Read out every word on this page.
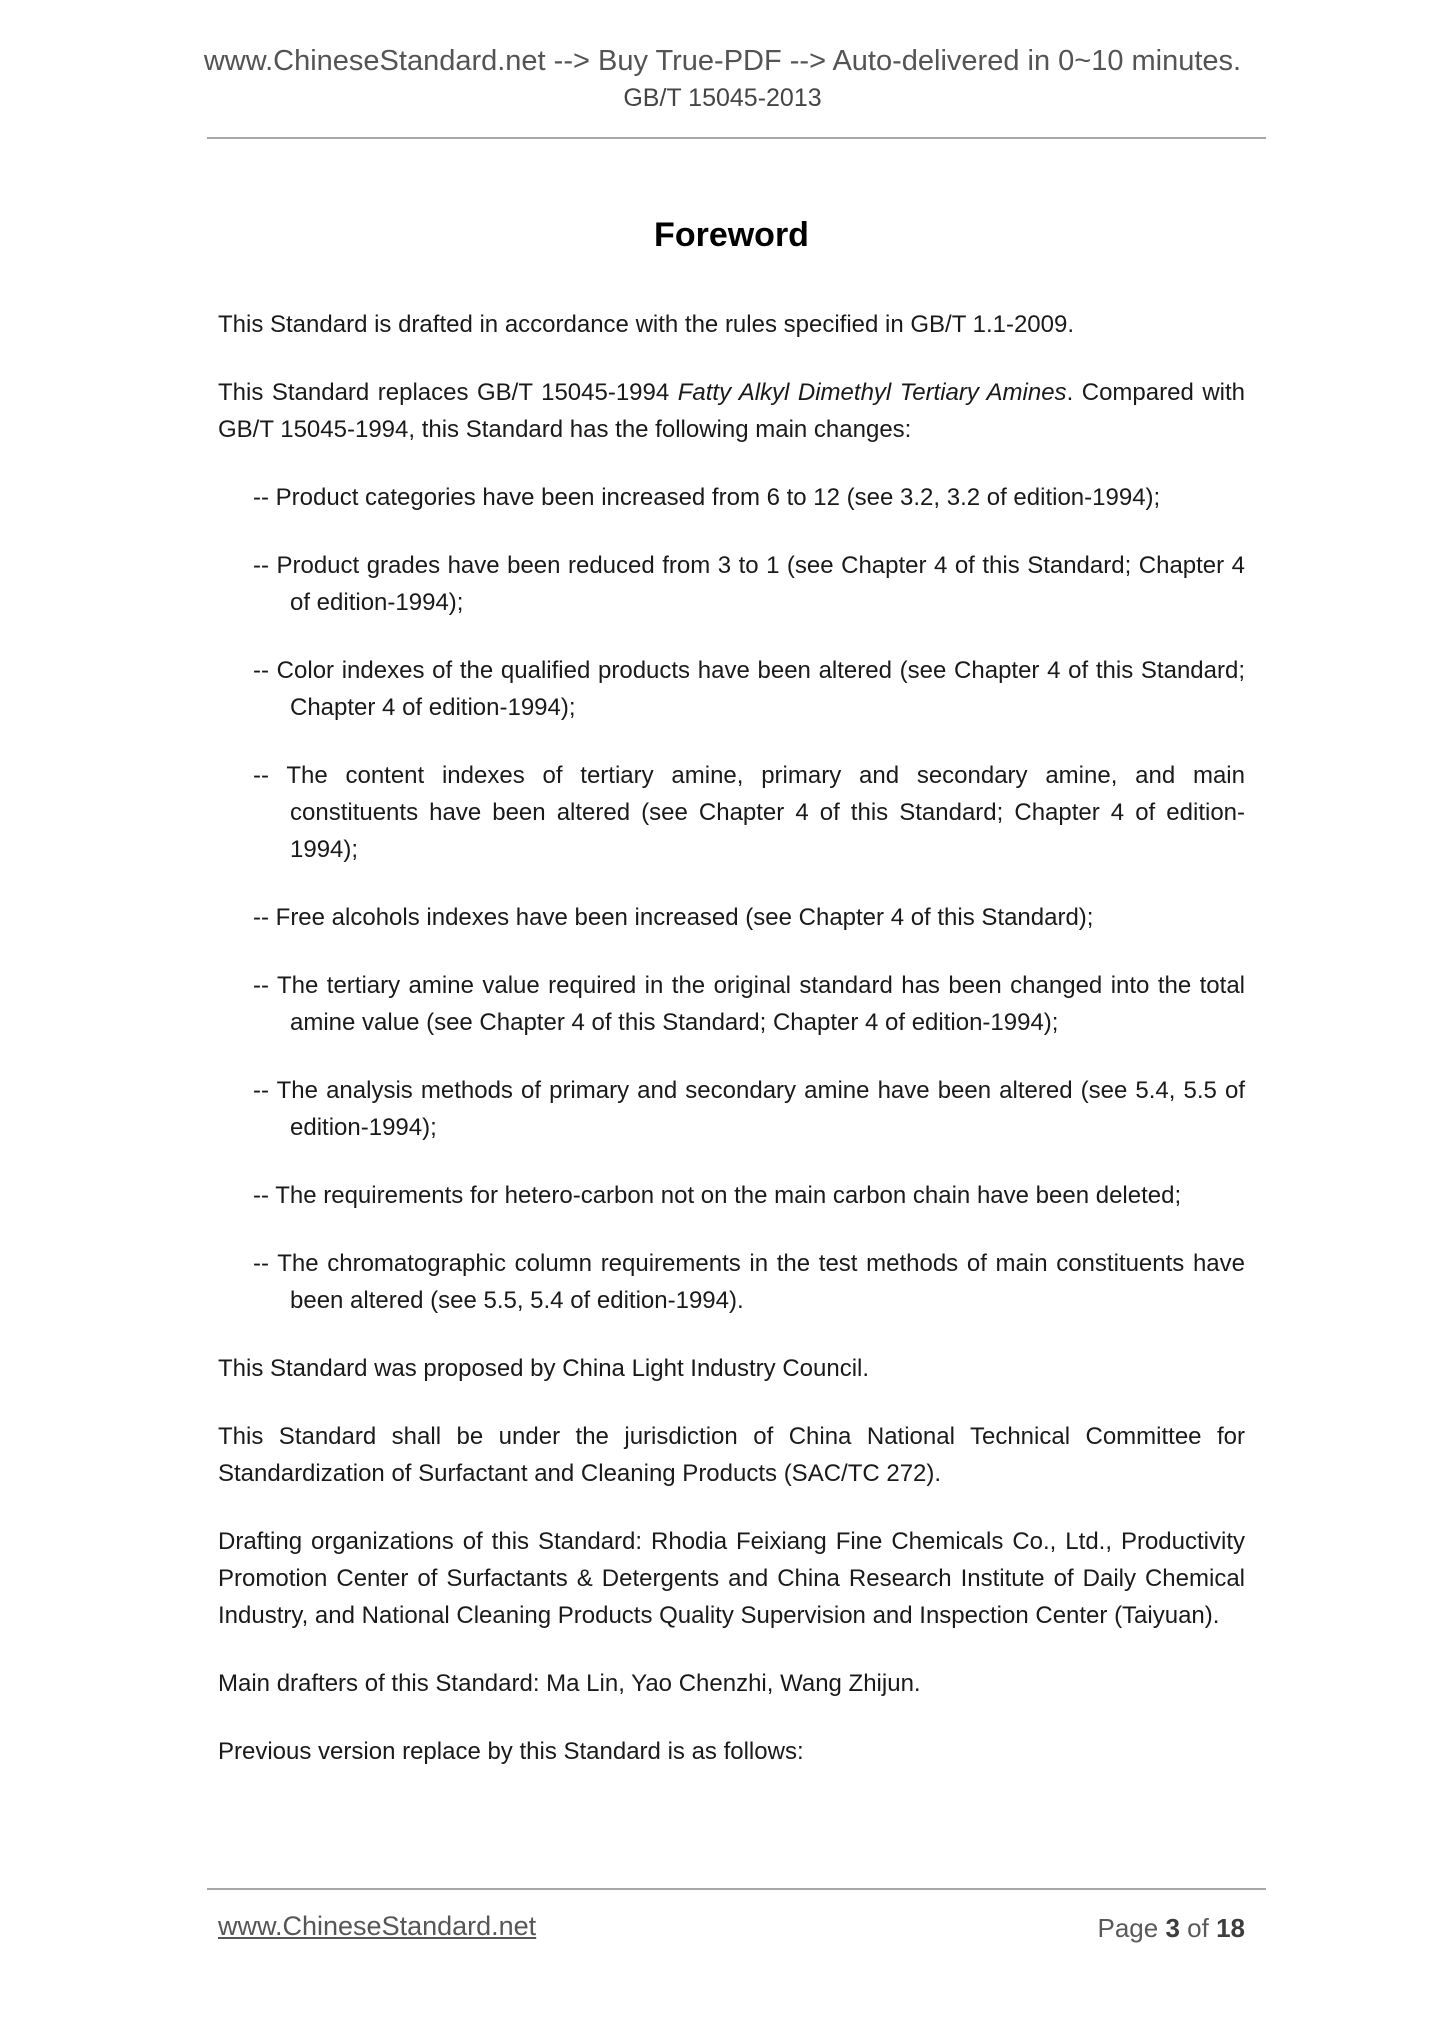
www.ChineseStandard.net --> Buy True-PDF --> Auto-delivered in 0~10 minutes.
GB/T 15045-2013
Foreword

This Standard is drafted in accordance with the rules specified in GB/T 1.1-2009.

This Standard replaces GB/T 15045-1994 Fatty Alkyl Dimethyl Tertiary Amines. Compared with GB/T 15045-1994, this Standard has the following main changes:

-- Product categories have been increased from 6 to 12 (see 3.2, 3.2 of edition-1994);

-- Product grades have been reduced from 3 to 1 (see Chapter 4 of this Standard; Chapter 4 of edition-1994);

-- Color indexes of the qualified products have been altered (see Chapter 4 of this Standard; Chapter 4 of edition-1994);

-- The content indexes of tertiary amine, primary and secondary amine, and main constituents have been altered (see Chapter 4 of this Standard; Chapter 4 of edition-1994);

-- Free alcohols indexes have been increased (see Chapter 4 of this Standard);

-- The tertiary amine value required in the original standard has been changed into the total amine value (see Chapter 4 of this Standard; Chapter 4 of edition-1994);

-- The analysis methods of primary and secondary amine have been altered (see 5.4, 5.5 of edition-1994);

-- The requirements for hetero-carbon not on the main carbon chain have been deleted;

-- The chromatographic column requirements in the test methods of main constituents have been altered (see 5.5, 5.4 of edition-1994).

This Standard was proposed by China Light Industry Council.

This Standard shall be under the jurisdiction of China National Technical Committee for Standardization of Surfactant and Cleaning Products (SAC/TC 272).

Drafting organizations of this Standard: Rhodia Feixiang Fine Chemicals Co., Ltd., Productivity Promotion Center of Surfactants & Detergents and China Research Institute of Daily Chemical Industry, and National Cleaning Products Quality Supervision and Inspection Center (Taiyuan).

Main drafters of this Standard: Ma Lin, Yao Chenzhi, Wang Zhijun.

Previous version replace by this Standard is as follows:

www.ChineseStandard.net	Page 3 of 18
